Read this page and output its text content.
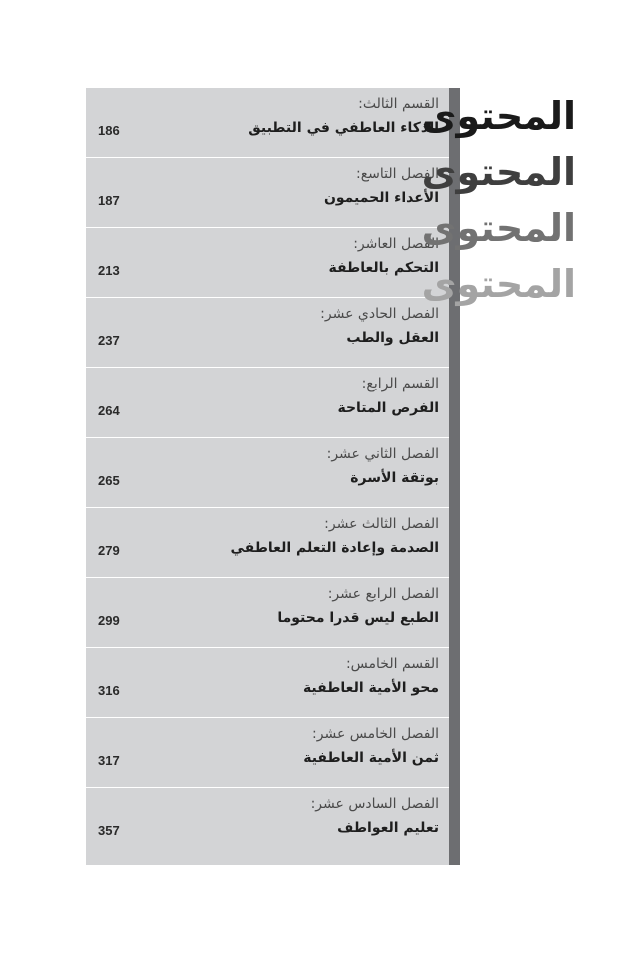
القسم الثالث:
الذكاء العاطفي في التطبيق
186
الفصل التاسع:
الأعداء الحميمون
187
الفصل العاشر:
التحكم بالعاطفة
213
الفصل الحادي عشر:
العقل والطب
237
القسم الرابع:
الفرص المتاحة
264
الفصل الثاني عشر:
بوتقة الأسرة
265
الفصل الثالث عشر:
الصدمة وإعادة التعلم العاطفي
279
الفصل الرابع عشر:
الطبع ليس قدرا محتوما
299
القسم الخامس:
محو الأمية العاطفية
316
الفصل الخامس عشر:
ثمن الأمية العاطفية
317
الفصل السادس عشر:
تعليم العواطف
357
المحتوى
المحتوى
المحتوى
المحتوى
